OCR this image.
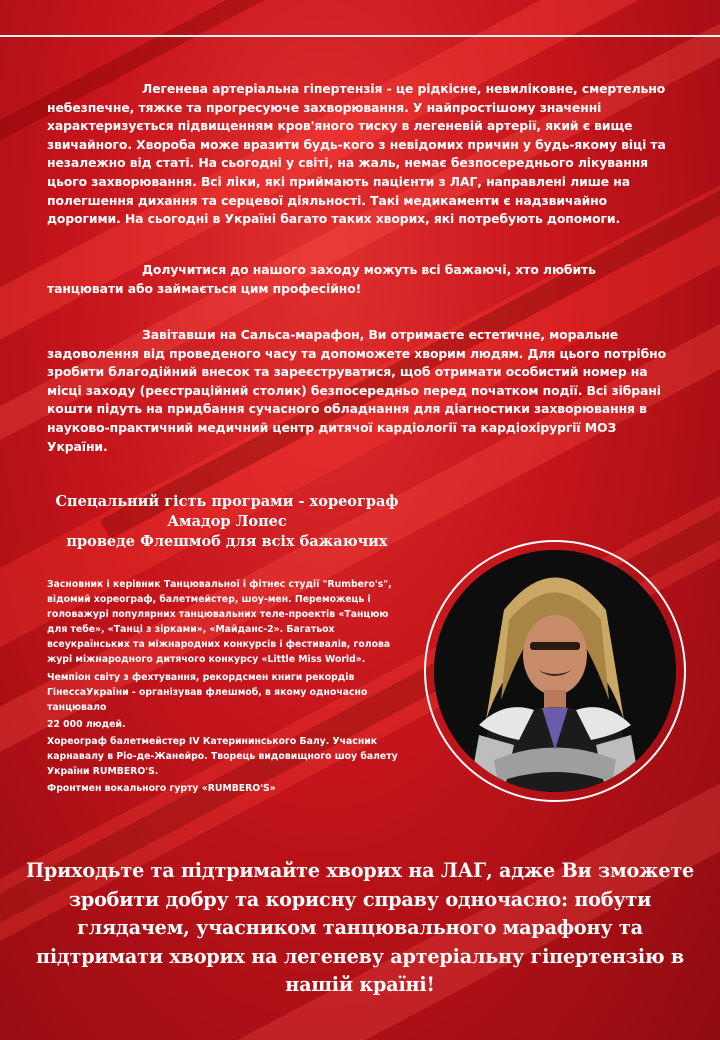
Легенева артеріальна гіпертензія - це рідкісне, невиліковне, смертельно небезпечне, тяжке та прогресуюче захворювання. У найпростішому значенні характеризується підвищенням кров'яного тиску в легеневій артерії, який є вище звичайного. Хвороба може вразити будь-кого з невідомих причин у будь-якому віці та незалежно від статі. На сьогодні у світі, на жаль, немає безпосереднього лікування цього захворювання. Всі ліки, які приймають пацієнти з ЛАГ, направлені лише на полегшення дихання та серцевої діяльності. Такі медикаменти є надзвичайно дорогими. На сьогодні в Україні багато таких хворих, які потребують допомоги.

Долучитися до нашого заходу можуть всі бажаючі, хто любить танцювати або займається цим професійно!

Завітавши на Сальса-марафон, Ви отримаєте естетичне, моральне задоволення від проведеного часу та допоможете хворим людям. Для цього потрібно зробити благодійний внесок та зареєструватися, щоб отримати особистий номер на місці заходу (реєстраційний столик) безпосередньо перед початком події. Всі зібрані кошти підуть на придбання сучасного обладнання для діагностики захворювання в науково-практичний медичний центр дитячої кардіології та кардіохірургії МОЗ України.

Спецальний гість програми - хореограф
Амадор Лопес
проведе Флешмоб для всіх бажаючих

Засновник і керівник Танцювальної і фітнес студії "Rumbero's", відомий хореограф, балетмейстер, шоу-мен. Переможець і головажурі популярних танцювальних теле-проектів «Танцюю для тебе», «Танці з зірками», «Майданс-2». Багатьох всеукраїнських та міжнародних конкурсів і фестивалів, голова журі міжнародного дитячого конкурсу «Little Miss World».

Чемпіон світу з фехтування, рекордсмен книги рекордів ГінессаУкраїни - організував флешмоб, в якому одночасно танцювало

22 000 людей.

Хореограф балетмейстер IV Катерининського Балу. Учасник карнавалу в Ріо-де-Жанейро. Творець видовищного шоу балету України RUMBERO'S.

Фронтмен вокального гурту «RUMBERO'S»

Приходьте та підтримайте хворих на ЛАГ, адже Ви зможете зробити добру та корисну справу одночасно: побути глядачем, учасником танцювального марафону та підтримати хворих на легеневу артеріальну гіпертензію в нашій країні!
